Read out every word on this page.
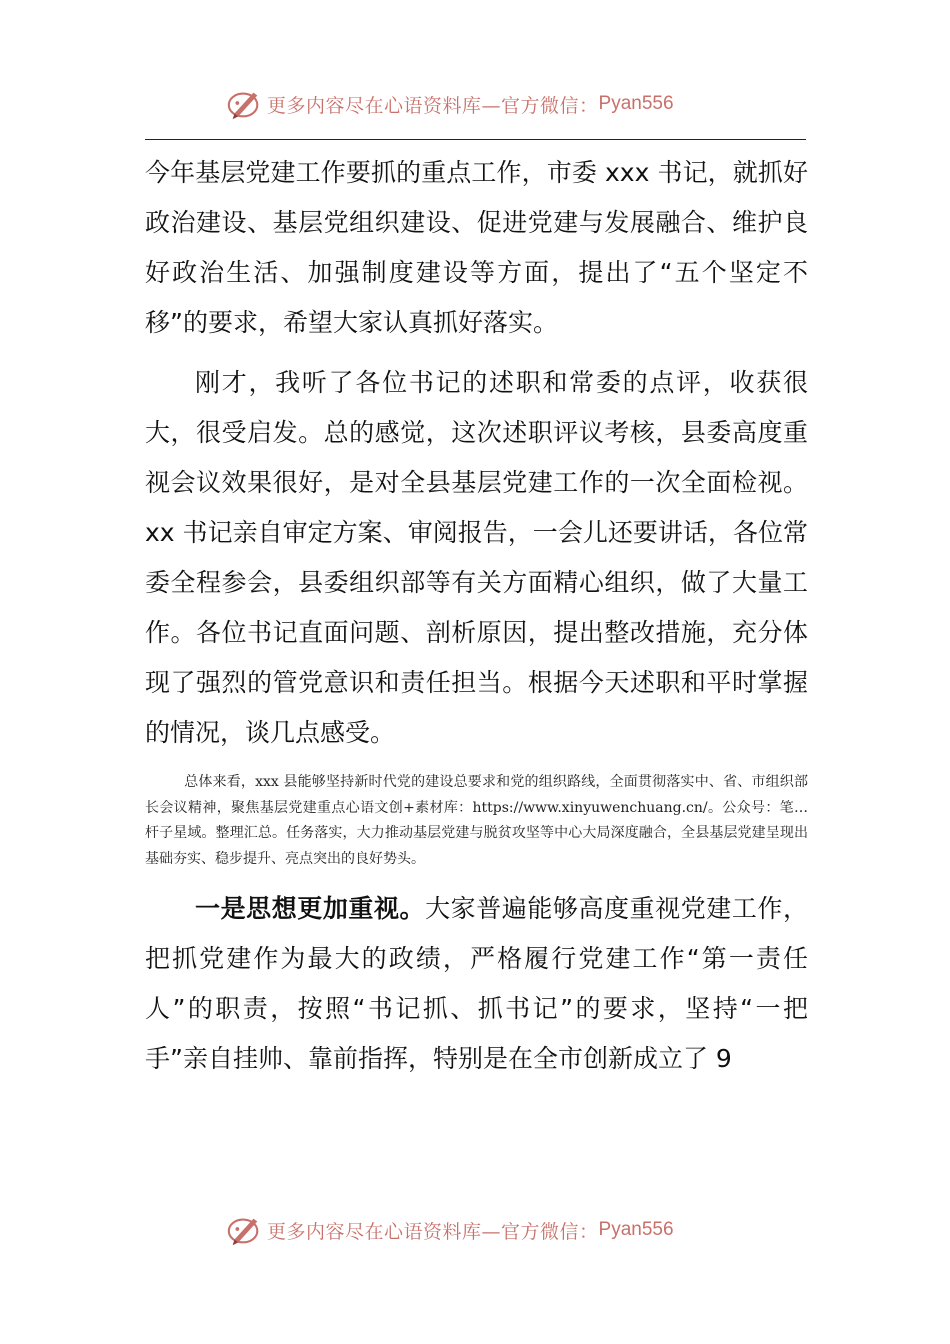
更多内容尽在心语资料库—官方微信： Pyan556

今年基层党建工作要抓的重点工作，市委 xxx 书记，就抓好政治建设、基层党组织建设、促进党建与发展融合、维护良好政治生活、加强制度建设等方面，提出了“五个坚定不移”的要求，希望大家认真抓好落实。

刚才，我听了各位书记的述职和常委的点评，收获很大，很受启发。总的感觉，这次述职评议考核，县委高度重视会议效果很好，是对全县基层党建工作的一次全面检视。xx 书记亲自审定方案、审阅报告，一会儿还要讲话，各位常委全程参会，县委组织部等有关方面精心组织，做了大量工作。各位书记直面问题、剖析原因，提出整改措施，充分体现了强烈的管党意识和责任担当。根据今天述职和平时掌握的情况，谈几点感受。

总体来看，xxx 县能够坚持新时代党的建设总要求和党的组织路线，全面贯彻落实中、省、市组织部长会议精神，聚焦基层党建重点心语文创+素材库：https://www.xinyuwenchuang.cn/。公众号：笔…杆子星域。整理汇总。任务落实，大力推动基层党建与脱贫攻坚等中心大局深度融合，全县基层党建呈现出基础夯实、稳步提升、亮点突出的良好势头。

一是思想更加重视。大家普遍能够高度重视党建工作，把抓党建作为最大的政绩，严格履行党建工作“第一责任人”的职责，按照“书记抓、抓书记”的要求，坚持“一把手”亲自挂帅、靠前指挥，特别是在全市创新成立了 9

更多内容尽在心语资料库—官方微信： Pyan556
